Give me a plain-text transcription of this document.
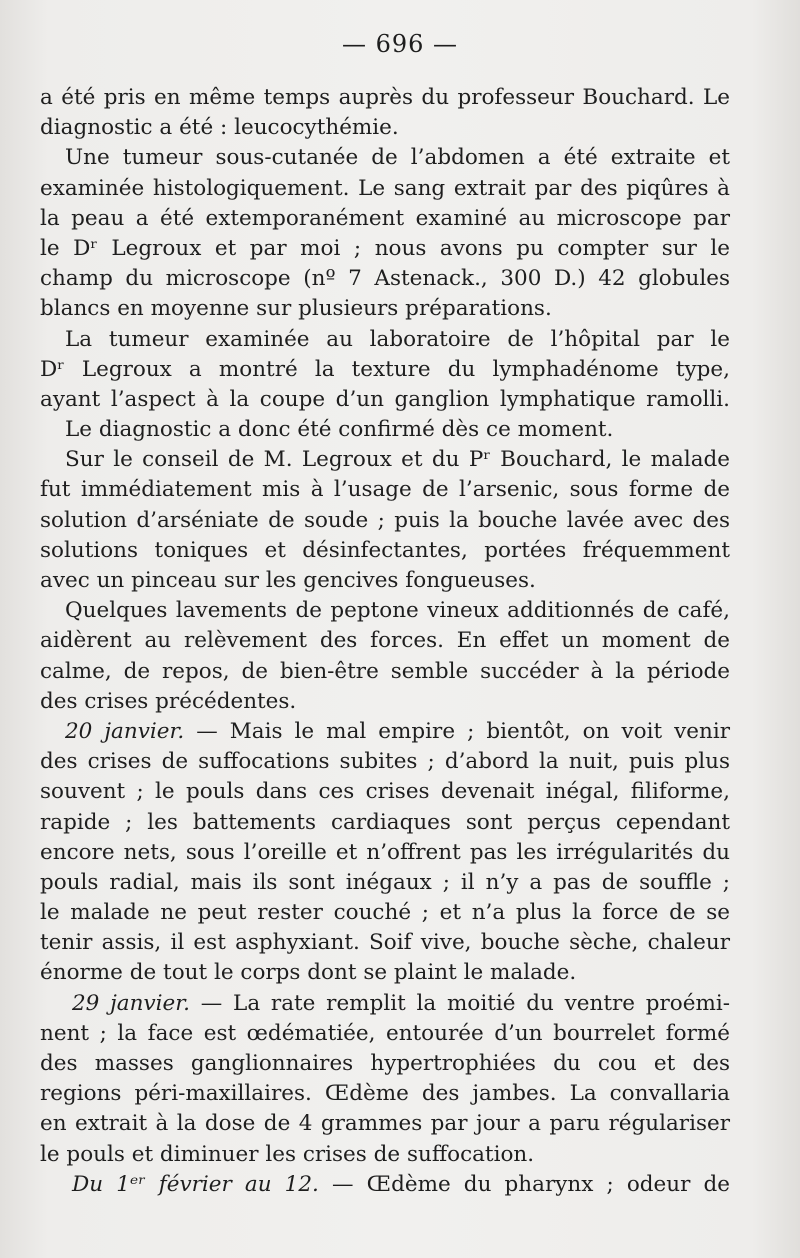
— 696 —
a été pris en même temps auprès du professeur Bouchard. Le
diagnostic a été : leucocythémie.
Une tumeur sous-cutanée de l’abdomen a été extraite et
examinée histologiquement. Le sang extrait par des piqûres à
la peau a été extemporanément examiné au microscope par
le Dʳ Legroux et par moi ; nous avons pu compter sur le
champ du microscope (nº 7 Astenack., 300 D.) 42 globules
blancs en moyenne sur plusieurs préparations.
La tumeur examinée au laboratoire de l’hôpital par le
Dʳ Legroux a montré la texture du lymphadénome type,
ayant l’aspect à la coupe d’un ganglion lymphatique ramolli.
Le diagnostic a donc été confirmé dès ce moment.
Sur le conseil de M. Legroux et du Pʳ Bouchard, le malade
fut immédiatement mis à l’usage de l’arsenic, sous forme de
solution d’arséniate de soude ; puis la bouche lavée avec des
solutions toniques et désinfectantes, portées fréquemment
avec un pinceau sur les gencives fongueuses.
Quelques lavements de peptone vineux additionnés de café,
aidèrent au relèvement des forces. En effet un moment de
calme, de repos, de bien-être semble succéder à la période
des crises précédentes.
20 janvier. — Mais le mal empire ; bientôt, on voit venir
des crises de suffocations subites ; d’abord la nuit, puis plus
souvent ; le pouls dans ces crises devenait inégal, filiforme,
rapide ; les battements cardiaques sont perçus cependant
encore nets, sous l’oreille et n’offrent pas les irrégularités du
pouls radial, mais ils sont inégaux ; il n’y a pas de souffle ;
le malade ne peut rester couché ; et n’a plus la force de se
tenir assis, il est asphyxiant. Soif vive, bouche sèche, chaleur
énorme de tout le corps dont se plaint le malade.
29 janvier. — La rate remplit la moitié du ventre proémi-
nent ; la face est œdématiée, entourée d’un bourrelet formé
des masses ganglionnaires hypertrophiées du cou et des
regions péri-maxillaires. Œdème des jambes. La convallaria
en extrait à la dose de 4 grammes par jour a paru régulariser
le pouls et diminuer les crises de suffocation.
Du 1ᵉʳ février au 12. — Œdème du pharynx ; odeur de
